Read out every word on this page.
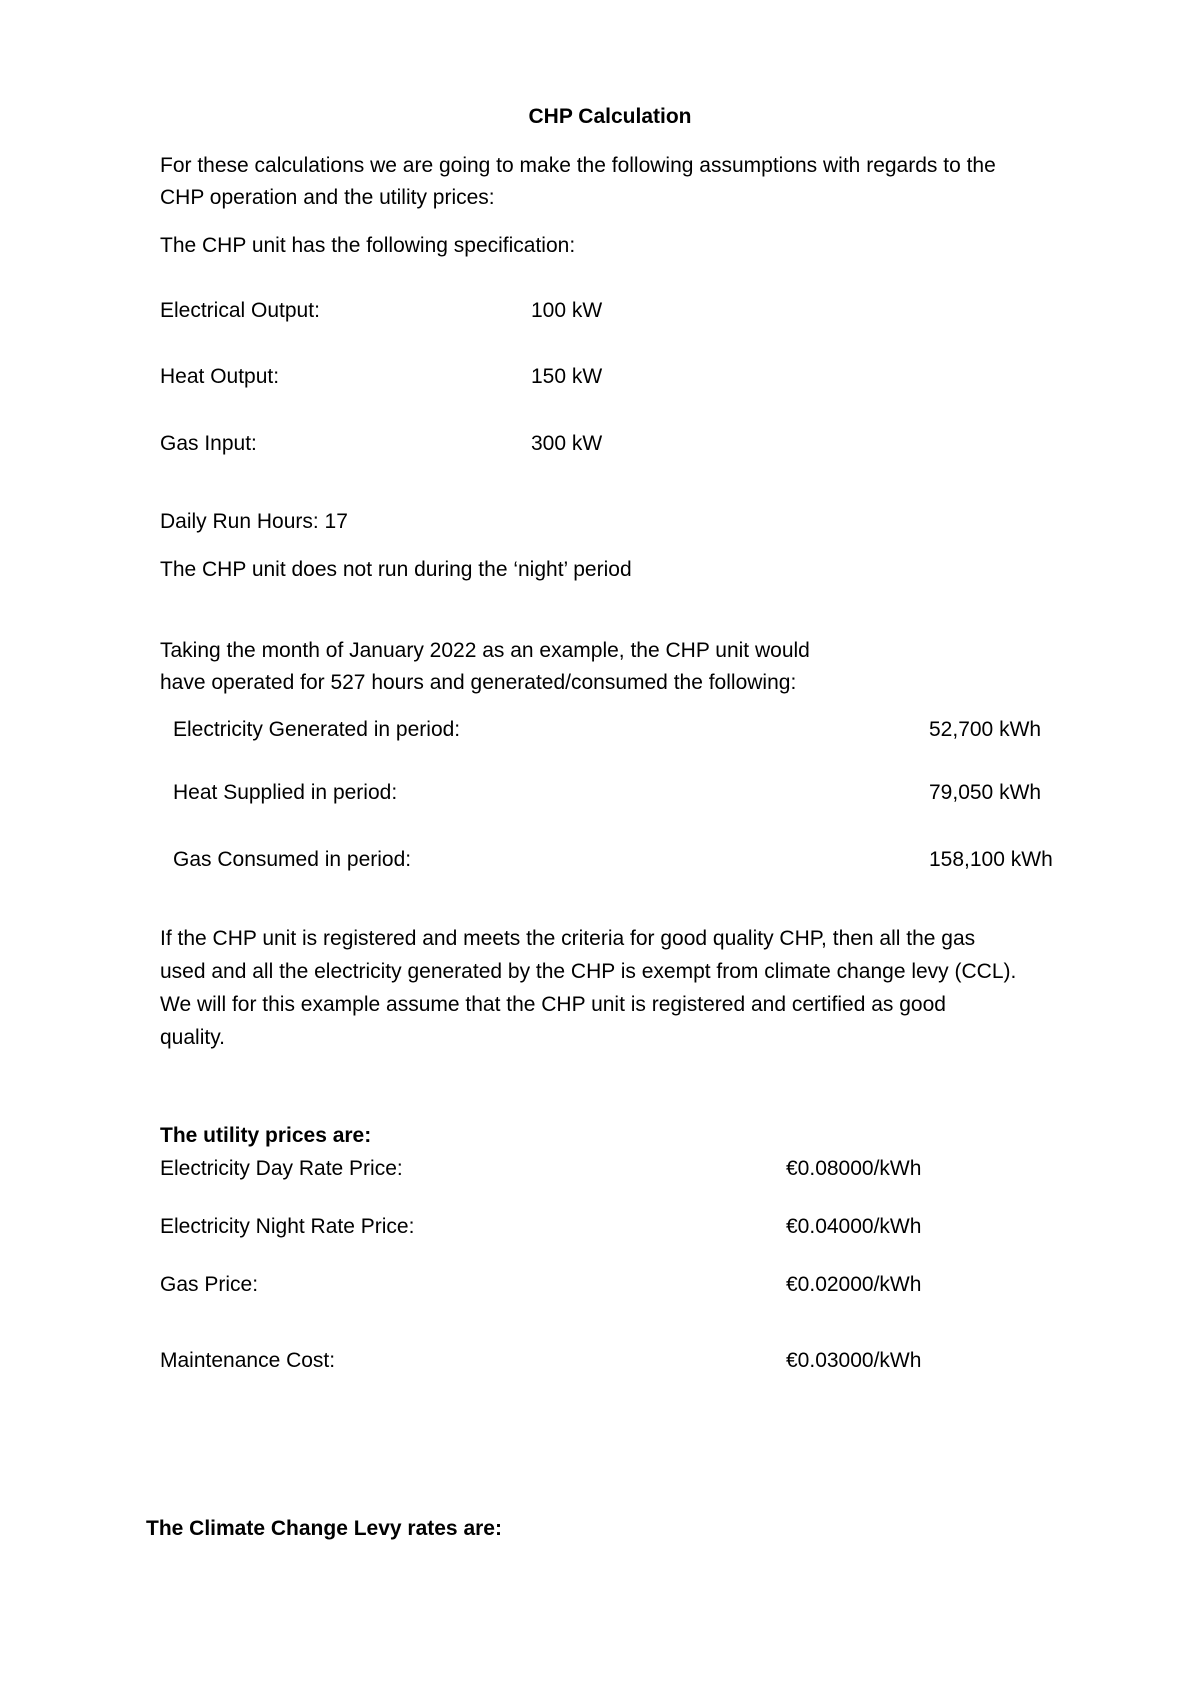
CHP Calculation
For these calculations we are going to make the following assumptions with regards to the
CHP operation and the utility prices:
The CHP unit has the following specification:
Electrical Output:	100 kW
Heat Output:	150 kW
Gas Input:	300 kW
Daily Run Hours: 17
The CHP unit does not run during the ‘night’ period
Taking the month of January 2022 as an example, the CHP unit would
have operated for 527 hours and generated/consumed the following:
Electricity Generated in period:	52,700 kWh
Heat Supplied in period:	79,050 kWh
Gas Consumed in period:	158,100 kWh
If the CHP unit is registered and meets the criteria for good quality CHP, then all the gas
used and all the electricity generated by the CHP is exempt from climate change levy (CCL).
We will for this example assume that the CHP unit is registered and certified as good
quality.
The utility prices are:
Electricity Day Rate Price:	€0.08000/kWh
Electricity Night Rate Price:	€0.04000/kWh
Gas Price:	€0.02000/kWh
Maintenance Cost:	€0.03000/kWh
The Climate Change Levy rates are:
